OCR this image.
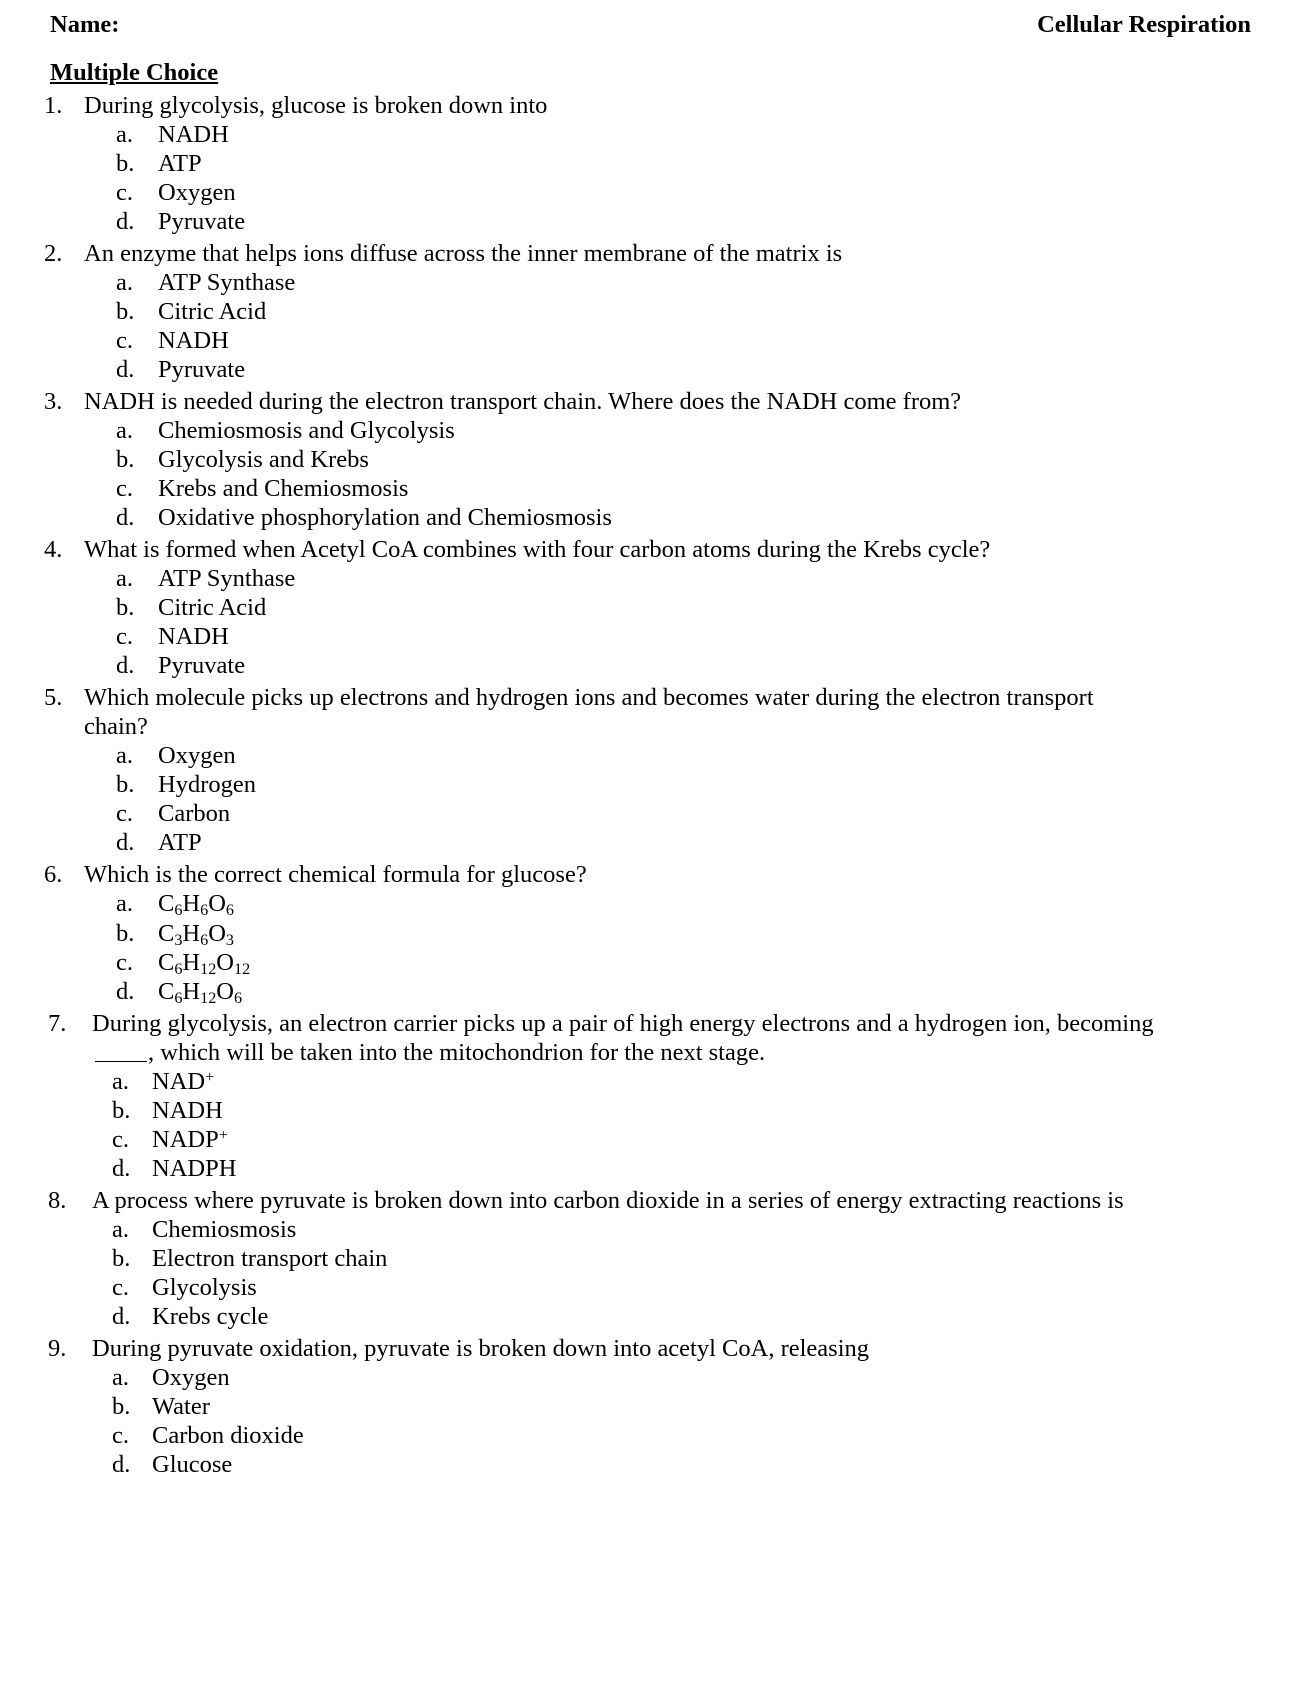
Name:	Cellular Respiration
Multiple Choice
1. During glycolysis, glucose is broken down into
a.	NADH
b. ATP
c.	Oxygen
d. Pyruvate
2. An enzyme that helps ions diffuse across the inner membrane of the matrix is
a.	ATP Synthase
b. Citric Acid
c.	NADH
d. Pyruvate
3. NADH is needed during the electron transport chain. Where does the NADH come from?
a.	Chemiosmosis and Glycolysis
b. Glycolysis and Krebs
c.	Krebs and Chemiosmosis
d. Oxidative phosphorylation and Chemiosmosis
4. What is formed when Acetyl CoA combines with four carbon atoms during the Krebs cycle?
a.	ATP Synthase
b. Citric Acid
c.	NADH
d. Pyruvate
5. Which molecule picks up electrons and hydrogen ions and becomes water during the electron transport chain?
a.	Oxygen
b. Hydrogen
c.	Carbon
d. ATP
6. Which is the correct chemical formula for glucose?
a.	$C_6H_6O_6$
b. $C_3H_6O_3$
c.	$C_6H_{12}O_{12}$
d. $C_6H_{12}O_6$
7.	During glycolysis, an electron carrier picks up a pair of high energy electrons and a hydrogen ion, becoming , which will be taken into the mitochondrion for the next stage.
a. NAD+
b. NADH
c. NADP+
d. NADPH
8.	A process where pyruvate is broken down into carbon dioxide in a series of energy extracting reactions is
a. Chemiosmosis
b. Electron transport chain
c. Glycolysis
d. Krebs cycle
9.	During pyruvate oxidation, pyruvate is broken down into acetyl CoA, releasing
a. Oxygen
b. Water
c. Carbon dioxide
d. Glucose
